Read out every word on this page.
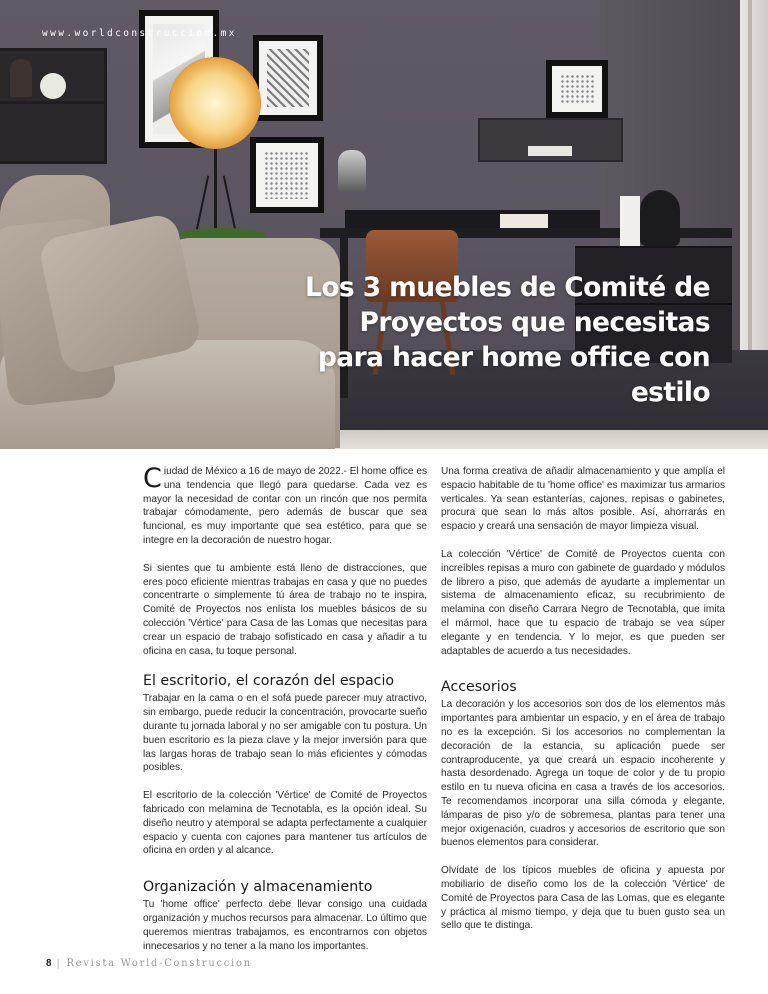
www.worldconstruccion.mx
Los 3 muebles de Comité de Proyectos que necesitas para hacer home office con estilo

Ciudad de México a 16 de mayo de 2022.- El home office es una tendencia que llegó para quedarse. Cada vez es mayor la necesidad de contar con un rincón que nos permita trabajar cómodamente, pero además de buscar que sea funcional, es muy importante que sea estético, para que se integre en la decoración de nuestro hogar.

Si sientes que tu ambiente está lleno de distracciones, que eres poco eficiente mientras trabajas en casa y que no puedes concentrarte o simplemente tú área de trabajo no te inspira, Comité de Proyectos nos enlista los muebles básicos de su colección 'Vértice' para Casa de las Lomas que necesitas para crear un espacio de trabajo sofisticado en casa y añadir a tu oficina en casa, tu toque personal.

El escritorio, el corazón del espacio

Trabajar en la cama o en el sofá puede parecer muy atractivo, sin embargo, puede reducir la concentración, provocarte sueño durante tu jornada laboral y no ser amigable con tu postura. Un buen escritorio es la pieza clave y la mejor inversión para que las largas horas de trabajo sean lo más eficientes y cómodas posibles.

El escritorio de la colección 'Vértice' de Comité de Proyectos fabricado con melamina de Tecnotabla, es la opción ideal. Su diseño neutro y atemporal se adapta perfectamente a cualquier espacio y cuenta con cajones para mantener tus artículos de oficina en orden y al alcance.

Organización y almacenamiento

Tu 'home office' perfecto debe llevar consigo una cuidada organización y muchos recursos para almacenar. Lo último que queremos mientras trabajamos, es encontrarnos con objetos innecesarios y no tener a la mano los importantes.

Una forma creativa de añadir almacenamiento y que amplía el espacio habitable de tu 'home office' es maximizar tus armarios verticales. Ya sean estanterías, cajones, repisas o gabinetes, procura que sean lo más altos posible. Así, ahorrarás en espacio y creará una sensación de mayor limpieza visual.

La colección 'Vértice' de Comité de Proyectos cuenta con increíbles repisas a muro con gabinete de guardado y módulos de librero a piso, que además de ayudarte a implementar un sistema de almacenamiento eficaz, su recubrimiento de melamina con diseño Carrara Negro de Tecnotabla, que imita el mármol, hace que tu espacio de trabajo se vea súper elegante y en tendencia. Y lo mejor, es que pueden ser adaptables de acuerdo a tus necesidades.

Accesorios

La decoración y los accesorios son dos de los elementos más importantes para ambientar un espacio, y en el área de trabajo no es la excepción. Si los accesorios no complementan la decoración de la estancia, su aplicación puede ser contraproducente, ya que creará un espacio incoherente y hasta desordenado. Agrega un toque de color y de tu propio estilo en tu nueva oficina en casa a través de los accesorios. Te recomendamos incorporar una silla cómoda y elegante, lámparas de piso y/o de sobremesa, plantas para tener una mejor oxigenación, cuadros y accesorios de escritorio que son buenos elementos para considerar.

Olvídate de los típicos muebles de oficina y apuesta por mobiliario de diseño como los de la colección 'Vértice' de Comité de Proyectos para Casa de las Lomas, que es elegante y práctica al mismo tiempo, y deja que tu buen gusto sea un sello que te distinga.

8 | Revista World-Construccion
